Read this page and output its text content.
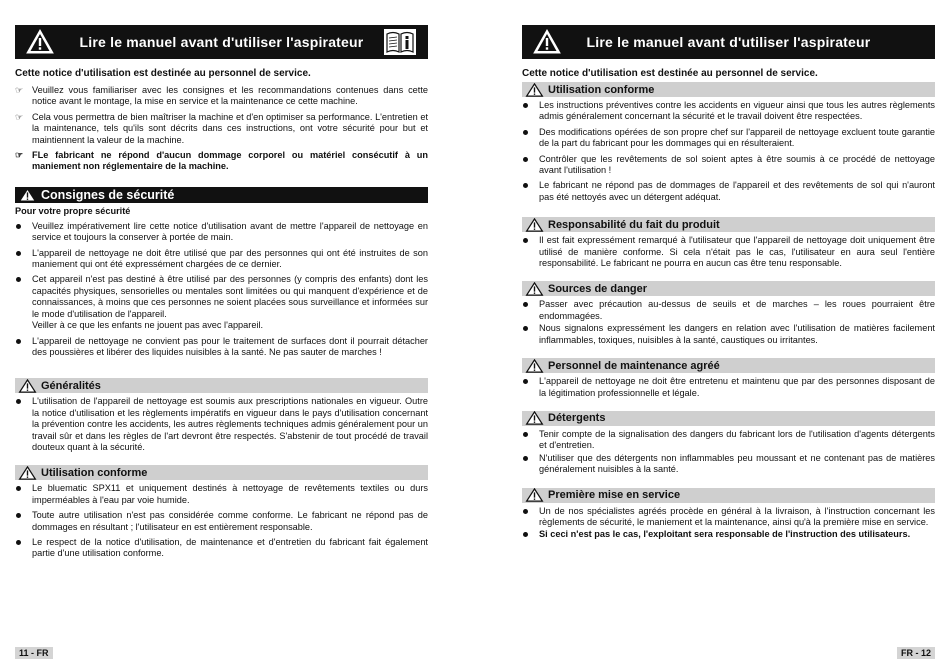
Lire le manuel avant d'utiliser l'aspirateur
Cette notice d'utilisation est destinée au personnel de service.
☞ Veuillez vous familiariser avec les consignes et les recommandations contenues dans cette notice avant le montage, la mise en service et la maintenance ce cette machine.
☞ Cela vous permettra de bien maîtriser la machine et d'en optimiser sa performance. L'entretien et la maintenance, tels qu'ils sont décrits dans ces instructions, ont votre sécurité pour but et maintiennent la valeur de la machine.
☞ FLe fabricant ne répond d'aucun dommage corporel ou matériel consécutif à un maniement non réglementaire de la machine.
Consignes de sécurité
Pour votre propre sécurité
Veuillez impérativement lire cette notice d'utilisation avant de mettre l'appareil de nettoyage en service et toujours la conserver à portée de main.
L'appareil de nettoyage ne doit être utilisé que par des personnes qui ont été instruites de son maniement qui ont été expressément chargées de ce dernier.
Cet appareil n'est pas destiné à être utilisé par des personnes (y compris des enfants) dont les capacités physiques, sensorielles ou mentales sont limitées ou qui manquent d'expérience et de connaissances, à moins que ces personnes ne soient placées sous surveillance et informées sur le mode d'utilisation de l'appareil.
Veiller à ce que les enfants ne jouent pas avec l'appareil.
L'appareil de nettoyage ne convient pas pour le traitement de surfaces dont il pourrait détacher des poussières et libérer des liquides nuisibles à la santé. Ne pas sauter de marches !
Généralités
L'utilisation de l'appareil de nettoyage est soumis aux prescriptions nationales en vigueur. Outre la notice d'utilisation et les règlements impératifs en vigueur dans le pays d'utilisation concernant la prévention contre les accidents, les autres règlements techniques admis généralement pour un travail sûr et dans les règles de l'art devront être respectés. S'abstenir de tout procédé de travail douteux quant à la sécurité.
Utilisation conforme
Le bluematic SPX11 et uniquement destinés à nettoyage de revêtements textiles ou durs imperméables à l'eau par voie humide.
Toute autre utilisation n'est pas considérée comme conforme. Le fabricant ne répond pas de dommages en résultant ; l'utilisateur en est entièrement responsable.
Le respect de la notice d'utilisation, de maintenance et d'entretien du fabricant fait également partie d'une utilisation conforme.
Lire le manuel avant d'utiliser l'aspirateur
Cette notice d'utilisation est destinée au personnel de service.
Utilisation conforme
Les instructions préventives contre les accidents en vigueur ainsi que tous les autres règlements admis généralement concernant la sécurité et le travail doivent être respectées.
Des modifications opérées de son propre chef sur l'appareil de nettoyage excluent toute garantie de la part du fabricant pour les dommages qui en résulteraient.
Contrôler que les revêtements de sol soient aptes à être soumis à ce procédé de nettoyage avant l'utilisation !
Le fabricant ne répond pas de dommages de l'appareil et des revêtements de sol qui n'auront pas été nettoyés avec un détergent adéquat.
Responsabilité du fait du produit
Il est fait expressément remarqué à l'utilisateur que l'appareil de nettoyage doit uniquement être utilisé de manière conforme. Si cela n'était pas le cas, l'utilisateur en aura seul l'entière responsabilité. Le fabricant ne pourra en aucun cas être tenu responsable.
Sources de danger
Passer avec précaution au-dessus de seuils et de marches – les roues pourraient être endommagées.
Nous signalons expressément les dangers en relation avec l'utilisation de matières facilement inflammables, toxiques, nuisibles à la santé, caustiques ou irritantes.
Personnel de maintenance agréé
L'appareil de nettoyage ne doit être entretenu et maintenu que par des personnes disposant de la légitimation professionnelle et légale.
Détergents
Tenir compte de la signalisation des dangers du fabricant lors de l'utilisation d'agents détergents et d'entretien.
N'utiliser que des détergents non inflammables peu moussant et ne contenant pas de matières généralement nuisibles à la santé.
Première mise en service
Un de nos spécialistes agréés procède en général à la livraison, à l'instruction concernant les règlements de sécurité, le maniement et la maintenance, ainsi qu'à la première mise en service.
Si ceci n'est pas le cas, l'exploitant sera responsable de l'instruction des utilisateurs.
11 - FR	FR - 12
